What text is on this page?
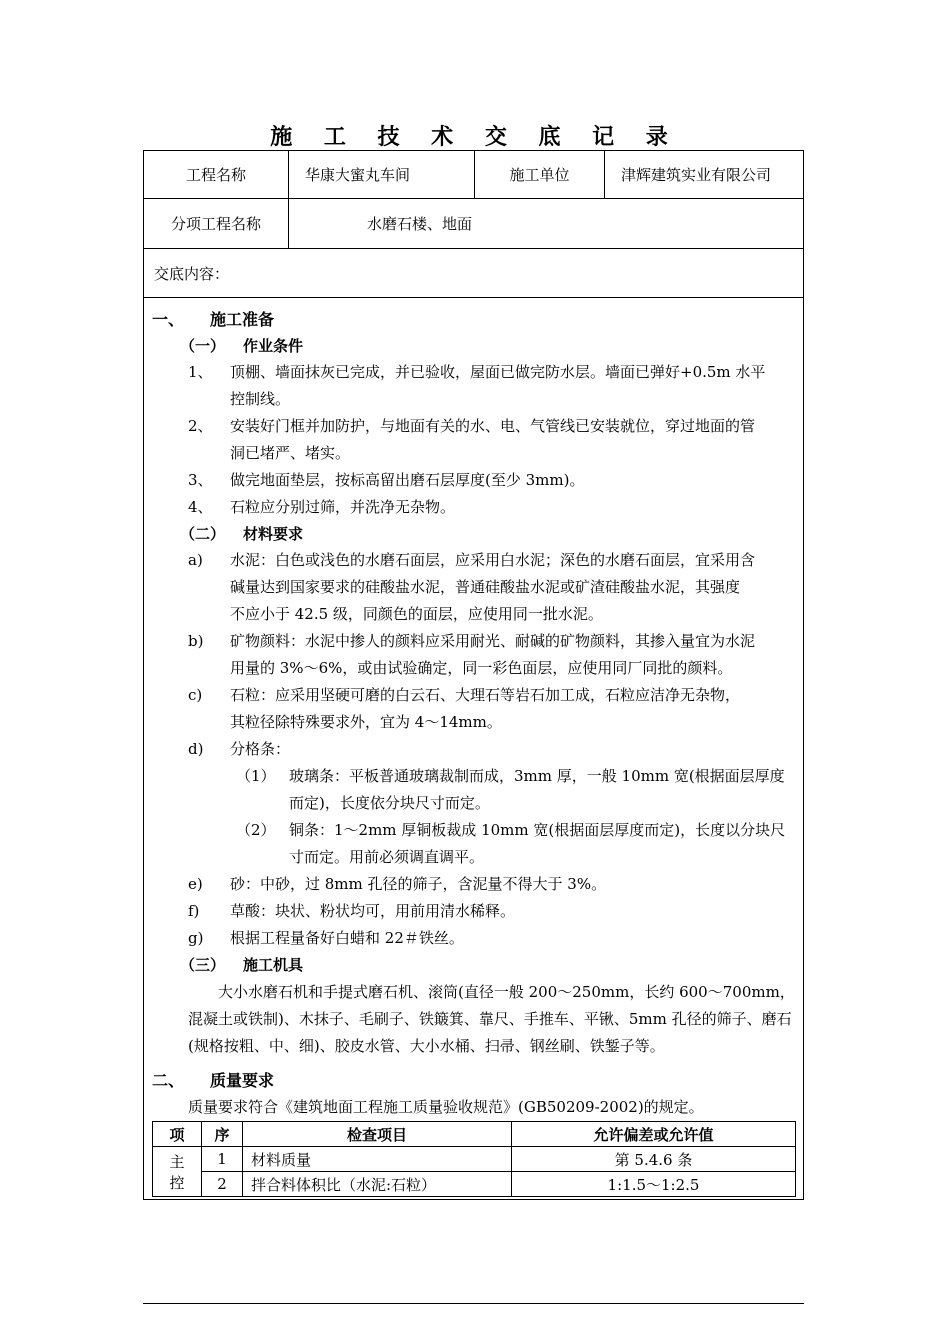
施 工 技 术 交 底 记 录
工程名称	华康大蜜丸车间	施工单位	津辉建筑实业有限公司
分项工程名称	水磨石楼、地面
交底内容：
一、 施工准备
（一） 作业条件
1、 顶棚、墙面抹灰已完成，并已验收，屋面已做完防水层。墙面已弹好+0.5m 水平
控制线。
2、 安装好门框并加防护，与地面有关的水、电、气管线已安装就位，穿过地面的管
洞已堵严、堵实。
3、 做完地面垫层，按标高留出磨石层厚度(至少 3mm)。
4、 石粒应分别过筛，并洗净无杂物。
（二） 材料要求
a) 水泥：白色或浅色的水磨石面层，应采用白水泥；深色的水磨石面层，宜采用含
碱量达到国家要求的硅酸盐水泥，普通硅酸盐水泥或矿渣硅酸盐水泥，其强度
不应小于 42.5 级，同颜色的面层，应使用同一批水泥。
b) 矿物颜料：水泥中掺人的颜料应采用耐光、耐碱的矿物颜料，其掺入量宜为水泥
用量的 3%～6%，或由试验确定，同一彩色面层，应使用同厂同批的颜料。
c) 石粒：应采用坚硬可磨的白云石、大理石等岩石加工成，石粒应洁净无杂物，
其粒径除特殊要求外，宜为 4～14mm。
d) 分格条：
（1） 玻璃条：平板普通玻璃裁制而成，3mm 厚，一般 10mm 宽(根据面层厚度
而定)，长度依分块尺寸而定。
（2） 铜条：1～2mm 厚铜板裁成 10mm 宽(根据面层厚度而定)，长度以分块尺
寸而定。用前必须调直调平。
e) 砂：中砂，过 8mm 孔径的筛子，含泥量不得大于 3%。
f) 草酸：块状、粉状均可，用前用清水稀释。
g) 根据工程量备好白蜡和 22＃铁丝。
（三） 施工机具
大小水磨石机和手提式磨石机、滚筒(直径一般 200～250mm，长约 600～700mm，
混凝土或铁制)、木抹子、毛刷子、铁簸箕、靠尺、手推车、平锹、5mm 孔径的筛子、磨石
(规格按粗、中、细)、胶皮水管、大小水桶、扫帚、钢丝刷、铁錾子等。
二、 质量要求
质量要求符合《建筑地面工程施工质量验收规范》(GB50209-2002)的规定。
项	序	检查项目	允许偏差或允许值
主
控	1	材料质量	第 5.4.6 条
	2	拌合料体积比（水泥:石粒）	1:1.5～1:2.5
